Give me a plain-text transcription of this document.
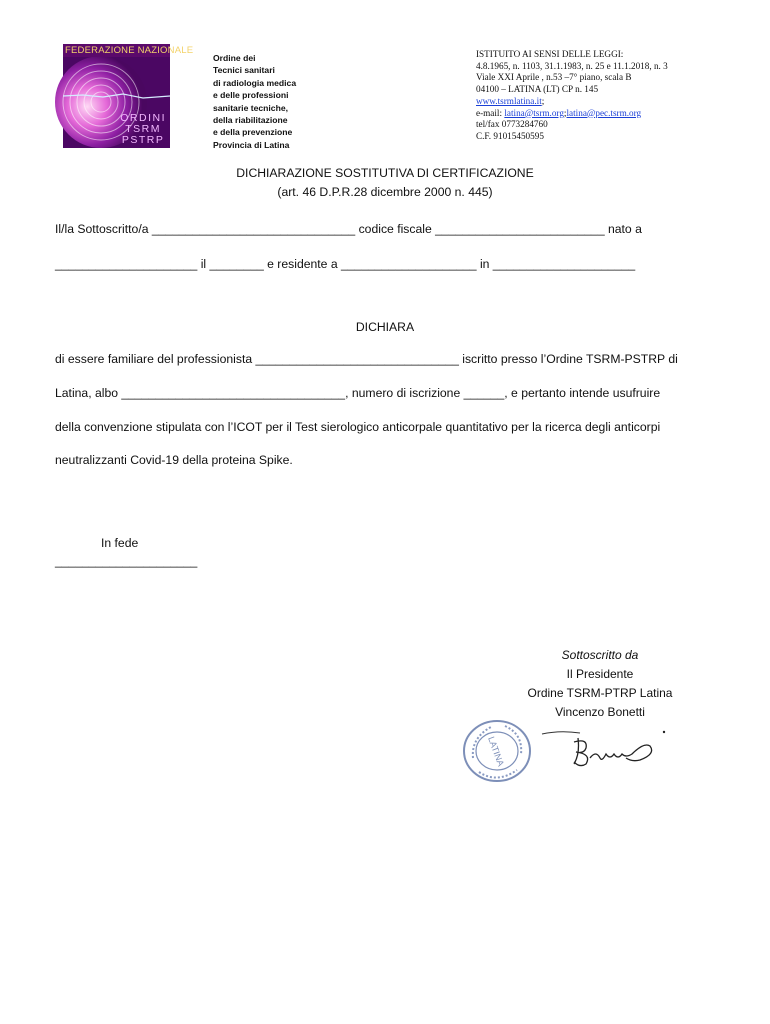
FEDERAZIONE NAZIONALE
ORDINI
TSRM
PSTRP
Ordine dei
Tecnici sanitari
di radiologia medica
e delle professioni
sanitarie tecniche,
della riabilitazione
e della prevenzione
Provincia di Latina
ISTITUITO AI SENSI DELLE LEGGI:
4.8.1965, n. 1103, 31.1.1983, n. 25 e 11.1.2018, n. 3
Viale XXI Aprile , n.53 –7° piano, scala B
04100 – LATINA (LT) CP n. 145
www.tsrmlatina.it;
e-mail: latina@tsrm.org;latina@pec.tsrm.org
tel/fax 0773284760
C.F. 91015450595
DICHIARAZIONE SOSTITUTIVA DI CERTIFICAZIONE
(art. 46 D.P.R.28 dicembre 2000 n. 445)
Il/la Sottoscritto/a ______________________________ codice fiscale _________________________ nato a
_____________________ il ________ e residente a ____________________ in _____________________
DICHIARA
di essere familiare del professionista ______________________________ iscritto presso l’Ordine TSRM-PSTRP di
Latina, albo _________________________________, numero di iscrizione ______, e pertanto intende usufruire
della convenzione stipulata con l’ICOT per il Test sierologico anticorpale quantitativo per la ricerca degli anticorpi
neutralizzanti Covid-19 della proteina Spike.
In fede
_____________________
Sottoscritto da
Il Presidente
Ordine TSRM-PTRP Latina
Vincenzo Bonetti
LATINA
